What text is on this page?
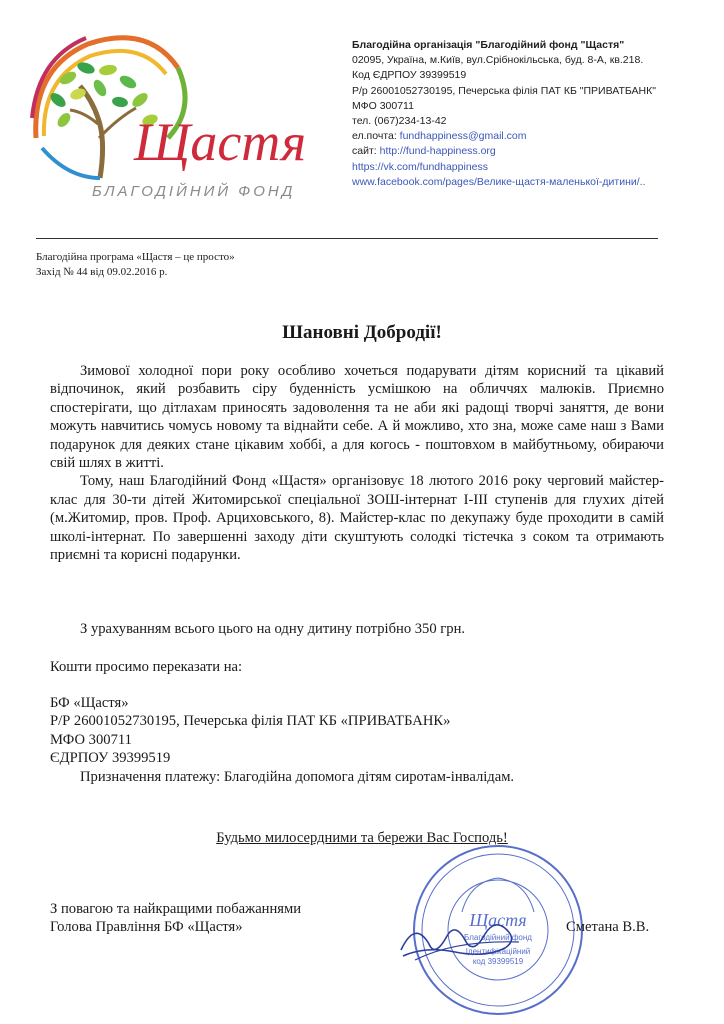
Щастя
БЛАГОДІЙНИЙ ФОНД
Благодійна організація "Благодійний фонд "Щастя"
02095, Україна, м.Київ, вул.Срібнокільська, буд. 8-А, кв.218.
Код ЄДРПОУ 39399519
Р/р 26001052730195, Печерська філія ПАТ КБ "ПРИВАТБАНК"
МФО 300711
тел. (067)234-13-42
ел.почта: fundhappiness@gmail.com
сайт: http://fund-happiness.org
https://vk.com/fundhappiness
www.facebook.com/pages/Велике-щастя-маленької-дитини/..
Благодійна програма «Щастя – це просто»
Захід № 44 від 09.02.2016 р.
Шановні Добродії!

Зимової холодної пори року особливо хочеться подарувати дітям корисний та цікавий відпочинок, який розбавить сіру буденність усмішкою на обличчях малюків. Приємно спостерігати, що дітлахам приносять задоволення та не аби які радощі творчі заняття, де вони можуть навчитись чомусь новому та віднайти себе. А й можливо, хто зна, може саме наш з Вами подарунок для деяких стане цікавим хоббі, а для когось - поштовхом в майбутньому, обираючи свій шлях в житті.

Тому, наш Благодійний Фонд «Щастя» організовує 18 лютого 2016 року черговий майстер-клас для 30-ти дітей Житомирської спеціальної ЗОШ-інтернат І-ІІІ ступенів для глухих дітей (м.Житомир, пров. Проф. Арциховського, 8). Майстер-клас по декупажу буде проходити в самій школі-інтернат. По завершенні заходу діти скуштують солодкі тістечка з соком та отримають приємні та корисні подарунки.

З урахуванням всього цього на одну дитину потрібно 350 грн.
Кошти просимо переказати на:
БФ «Щастя»
Р/Р 26001052730195, Печерська філія ПАТ КБ «ПРИВАТБАНК»
МФО 300711
ЄДРПОУ 39399519
Призначення платежу: Благодійна допомога дітям сиротам-інвалідам.
Будьмо милосердними та бережи Вас Господь!
Щастя
Благодійний фонд
Ідентифікаційний
код 39399519
З повагою та найкращими побажаннями
Голова Правління БФ «Щастя»	Сметана В.В.
